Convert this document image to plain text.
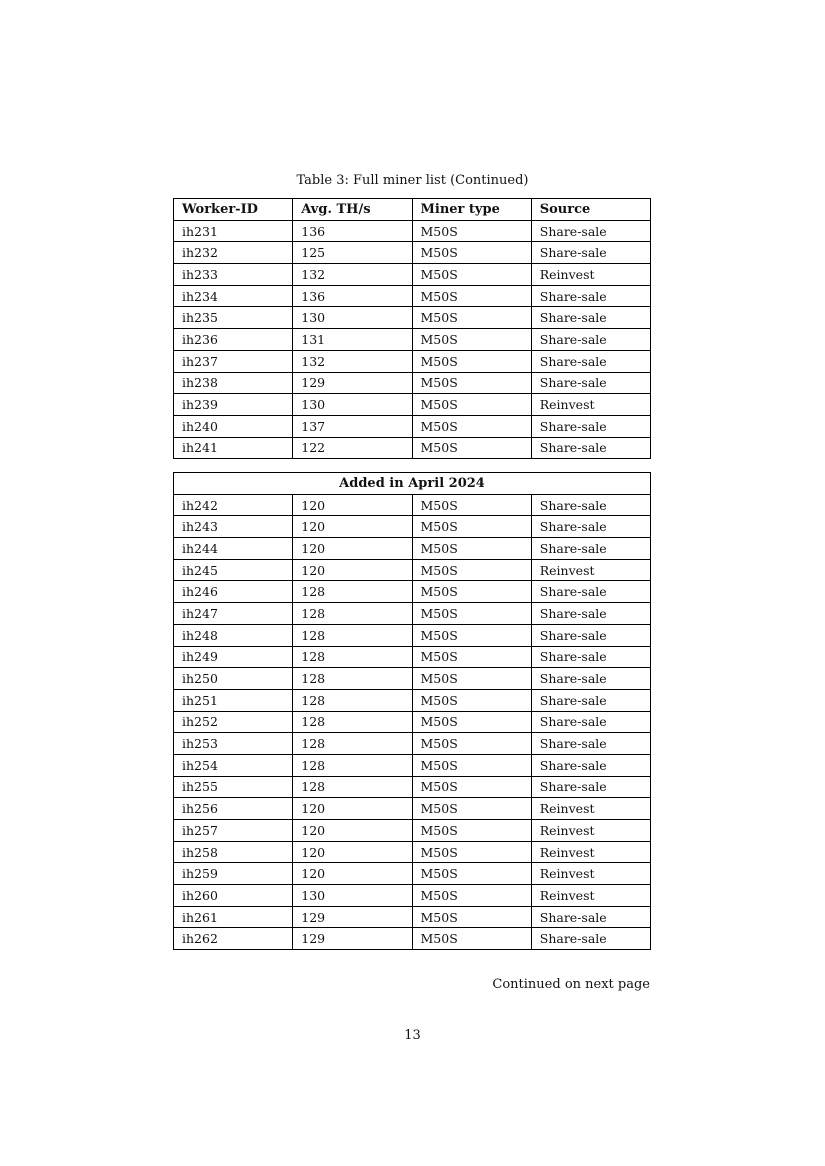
Table 3: Full miner list (Continued)
Worker-ID	Avg. TH/s	Miner type	Source
ih231	136	M50S	Share-sale
ih232	125	M50S	Share-sale
ih233	132	M50S	Reinvest
ih234	136	M50S	Share-sale
ih235	130	M50S	Share-sale
ih236	131	M50S	Share-sale
ih237	132	M50S	Share-sale
ih238	129	M50S	Share-sale
ih239	130	M50S	Reinvest
ih240	137	M50S	Share-sale
ih241	122	M50S	Share-sale
Added in April 2024			
ih242	120	M50S	Share-sale
ih243	120	M50S	Share-sale
ih244	120	M50S	Share-sale
ih245	120	M50S	Reinvest
ih246	128	M50S	Share-sale
ih247	128	M50S	Share-sale
ih248	128	M50S	Share-sale
ih249	128	M50S	Share-sale
ih250	128	M50S	Share-sale
ih251	128	M50S	Share-sale
ih252	128	M50S	Share-sale
ih253	128	M50S	Share-sale
ih254	128	M50S	Share-sale
ih255	128	M50S	Share-sale
ih256	120	M50S	Reinvest
ih257	120	M50S	Reinvest
ih258	120	M50S	Reinvest
ih259	120	M50S	Reinvest
ih260	130	M50S	Reinvest
ih261	129	M50S	Share-sale
ih262	129	M50S	Share-sale
Continued on next page
13
